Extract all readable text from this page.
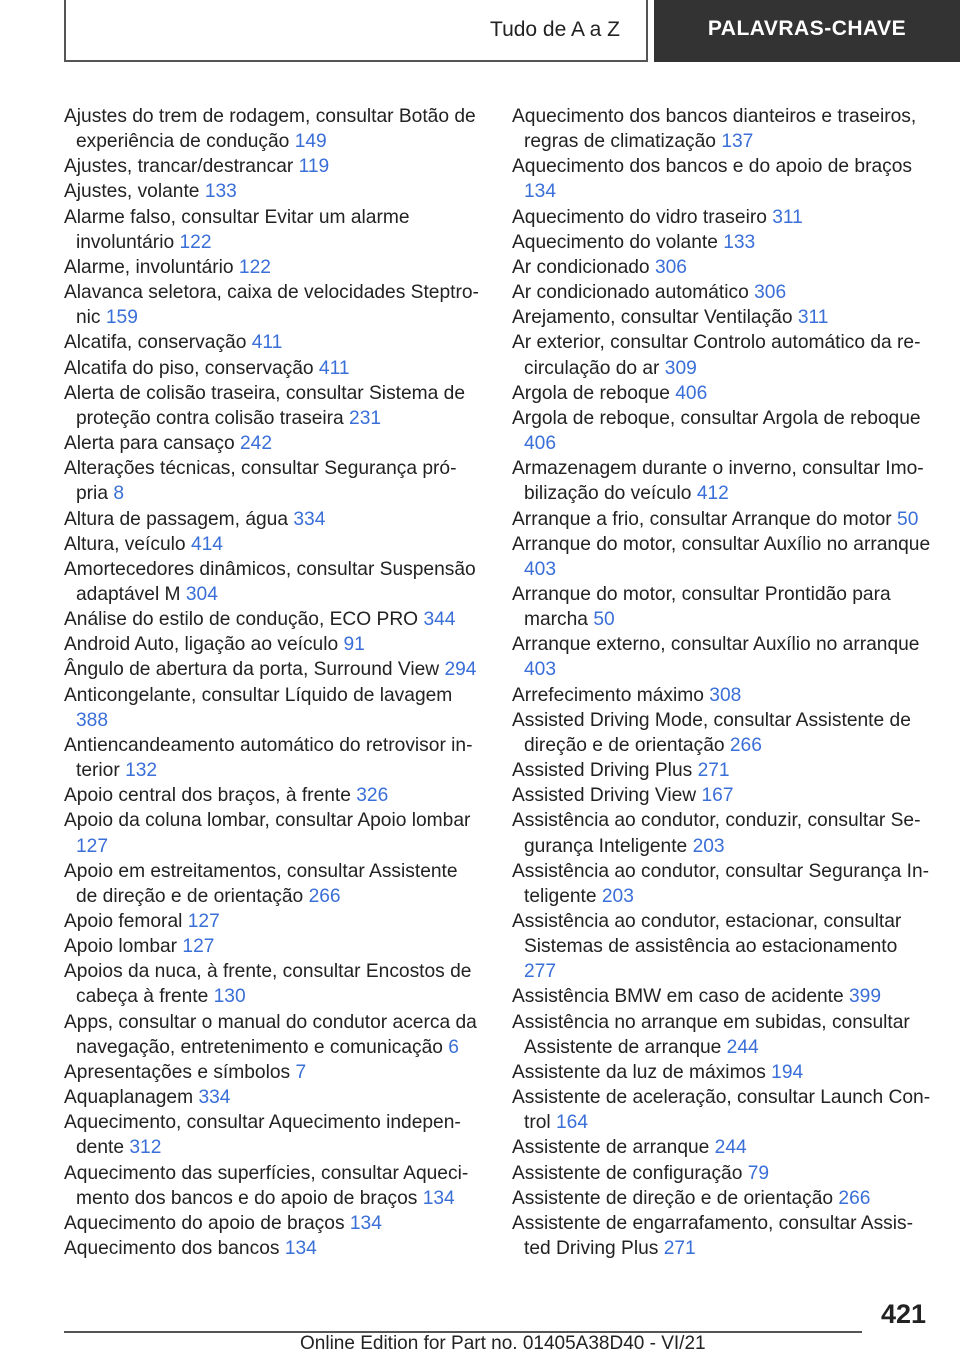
Tudo de A a Z	PALAVRAS-CHAVE
Ajustes do trem de rodagem, consultar Botão de experiência de condução 149
Ajustes, trancar/destrancar 119
Ajustes, volante 133
Alarme falso, consultar Evitar um alarme involuntário 122
Alarme, involuntário 122
Alavanca seletora, caixa de velocidades Steptronic 159
Alcatifa, conservação 411
Alcatifa do piso, conservação 411
Alerta de colisão traseira, consultar Sistema de proteção contra colisão traseira 231
Alerta para cansaço 242
Alterações técnicas, consultar Segurança própria 8
Altura de passagem, água 334
Altura, veículo 414
Amortecedores dinâmicos, consultar Suspensão adaptável M 304
Análise do estilo de condução, ECO PRO 344
Android Auto, ligação ao veículo 91
Ângulo de abertura da porta, Surround View 294
Anticongelante, consultar Líquido de lavagem 388
Antiencandeamento automático do retrovisor interior 132
Apoio central dos braços, à frente 326
Apoio da coluna lombar, consultar Apoio lombar 127
Apoio em estreitamentos, consultar Assistente de direção e de orientação 266
Apoio femoral 127
Apoio lombar 127
Apoios da nuca, à frente, consultar Encostos de cabeça à frente 130
Apps, consultar o manual do condutor acerca da navegação, entretenimento e comunicação 6
Apresentações e símbolos 7
Aquaplanagem 334
Aquecimento, consultar Aquecimento independente 312
Aquecimento das superfícies, consultar Aquecimento dos bancos e do apoio de braços 134
Aquecimento do apoio de braços 134
Aquecimento dos bancos 134
Aquecimento dos bancos dianteiros e traseiros, regras de climatização 137
Aquecimento dos bancos e do apoio de braços 134
Aquecimento do vidro traseiro 311
Aquecimento do volante 133
Ar condicionado 306
Ar condicionado automático 306
Arejamento, consultar Ventilação 311
Ar exterior, consultar Controlo automático da recirculação do ar 309
Argola de reboque 406
Argola de reboque, consultar Argola de reboque 406
Armazenagem durante o inverno, consultar Imobilização do veículo 412
Arranque a frio, consultar Arranque do motor 50
Arranque do motor, consultar Auxílio no arranque 403
Arranque do motor, consultar Prontidão para marcha 50
Arranque externo, consultar Auxílio no arranque 403
Arrefecimento máximo 308
Assisted Driving Mode, consultar Assistente de direção e de orientação 266
Assisted Driving Plus 271
Assisted Driving View 167
Assistência ao condutor, conduzir, consultar Segurança Inteligente 203
Assistência ao condutor, consultar Segurança Inteligente 203
Assistência ao condutor, estacionar, consultar Sistemas de assistência ao estacionamento 277
Assistência BMW em caso de acidente 399
Assistência no arranque em subidas, consultar Assistente de arranque 244
Assistente da luz de máximos 194
Assistente de aceleração, consultar Launch Control 164
Assistente de arranque 244
Assistente de configuração 79
Assistente de direção e de orientação 266
Assistente de engarrafamento, consultar Assisted Driving Plus 271
421
Online Edition for Part no. 01405A38D40 - VI/21
